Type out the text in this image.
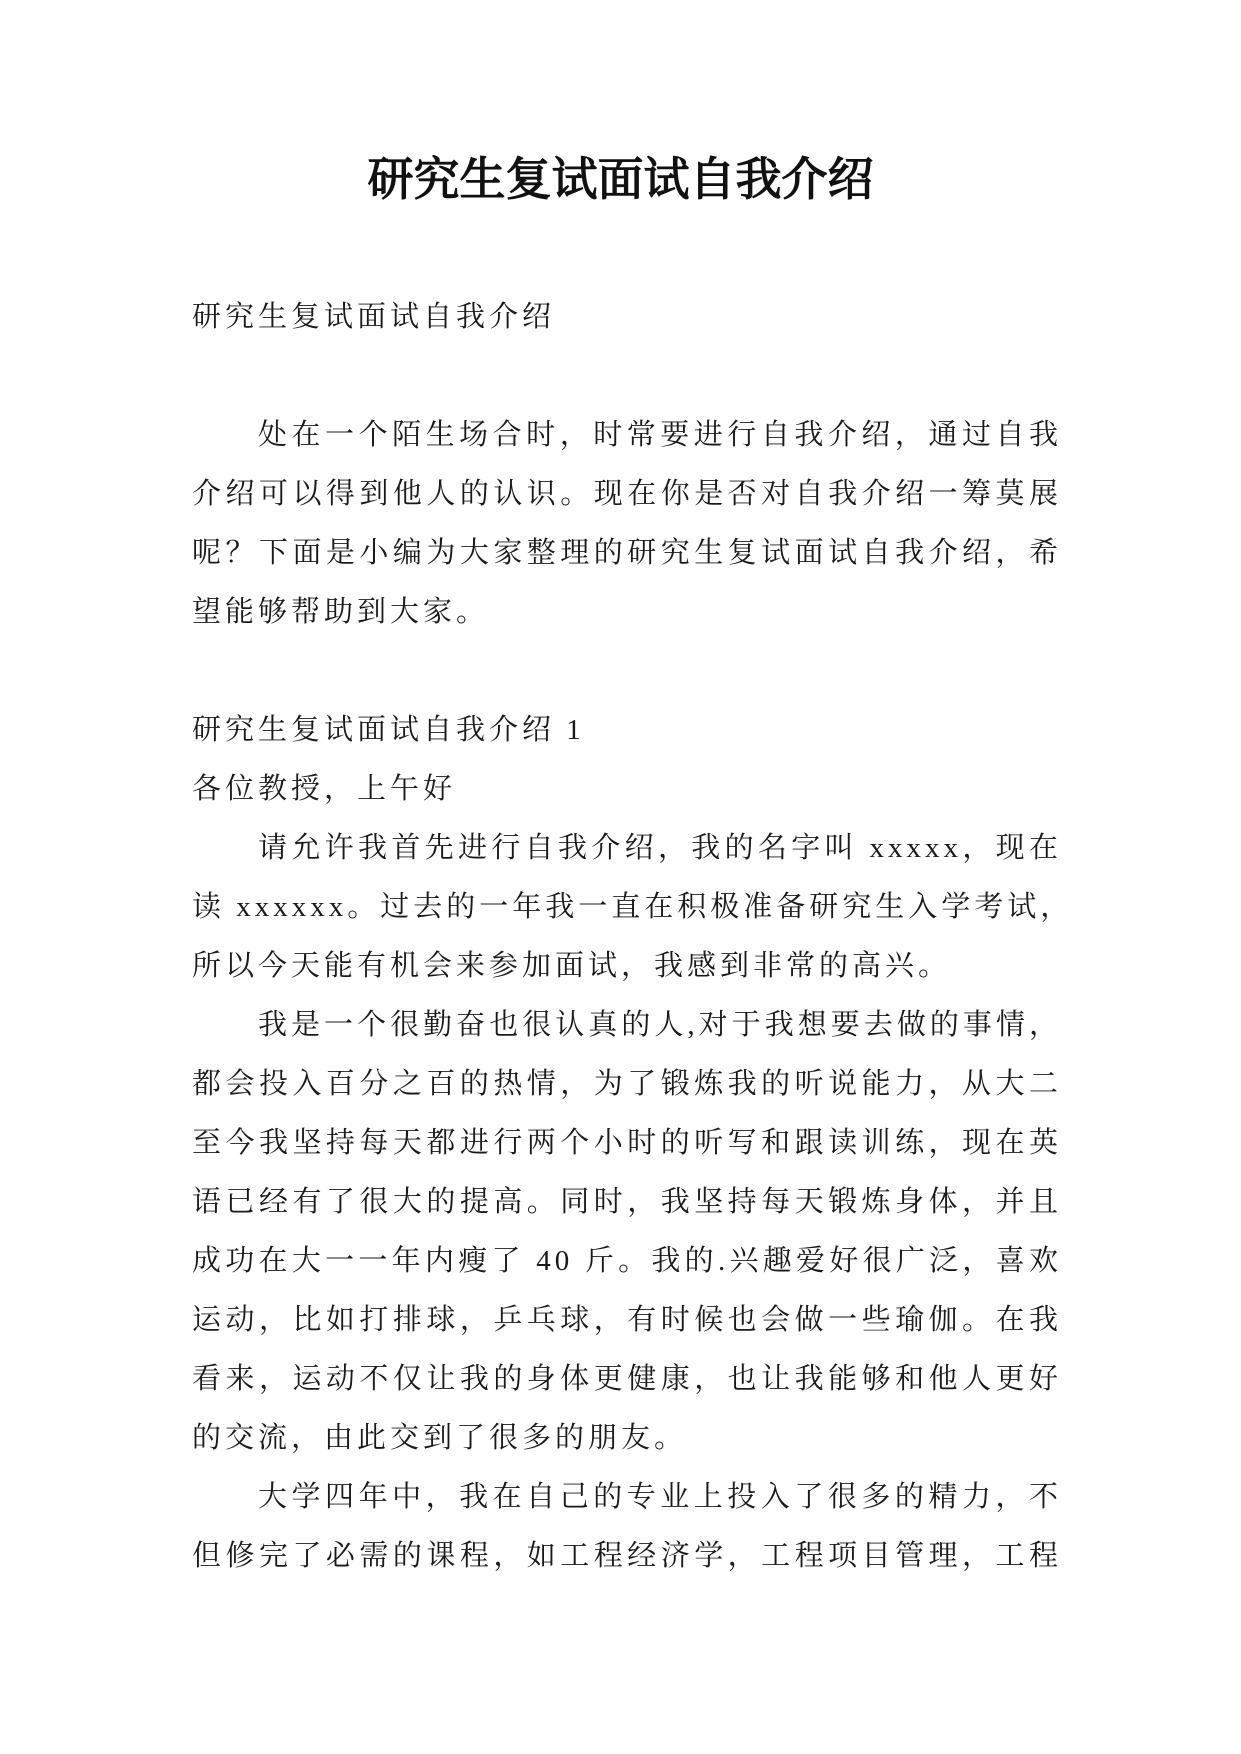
研究生复试面试自我介绍
研究生复试面试自我介绍
处在一个陌生场合时，时常要进行自我介绍，通过自我
介绍可以得到他人的认识。现在你是否对自我介绍一筹莫展
呢？下面是小编为大家整理的研究生复试面试自我介绍，希
望能够帮助到大家。
研究生复试面试自我介绍 1
各位教授，上午好
请允许我首先进行自我介绍，我的名字叫 xxxxx，现在
读 xxxxxx。过去的一年我一直在积极准备研究生入学考试，
所以今天能有机会来参加面试，我感到非常的高兴。
我是一个很勤奋也很认真的人,对于我想要去做的事情，
都会投入百分之百的热情，为了锻炼我的听说能力，从大二
至今我坚持每天都进行两个小时的听写和跟读训练，现在英
语已经有了很大的提高。同时，我坚持每天锻炼身体，并且
成功在大一一年内瘦了 40 斤。我的.兴趣爱好很广泛，喜欢
运动，比如打排球，乒乓球，有时候也会做一些瑜伽。在我
看来，运动不仅让我的身体更健康，也让我能够和他人更好
的交流，由此交到了很多的朋友。
大学四年中，我在自己的专业上投入了很多的精力，不
但修完了必需的课程，如工程经济学，工程项目管理，工程
